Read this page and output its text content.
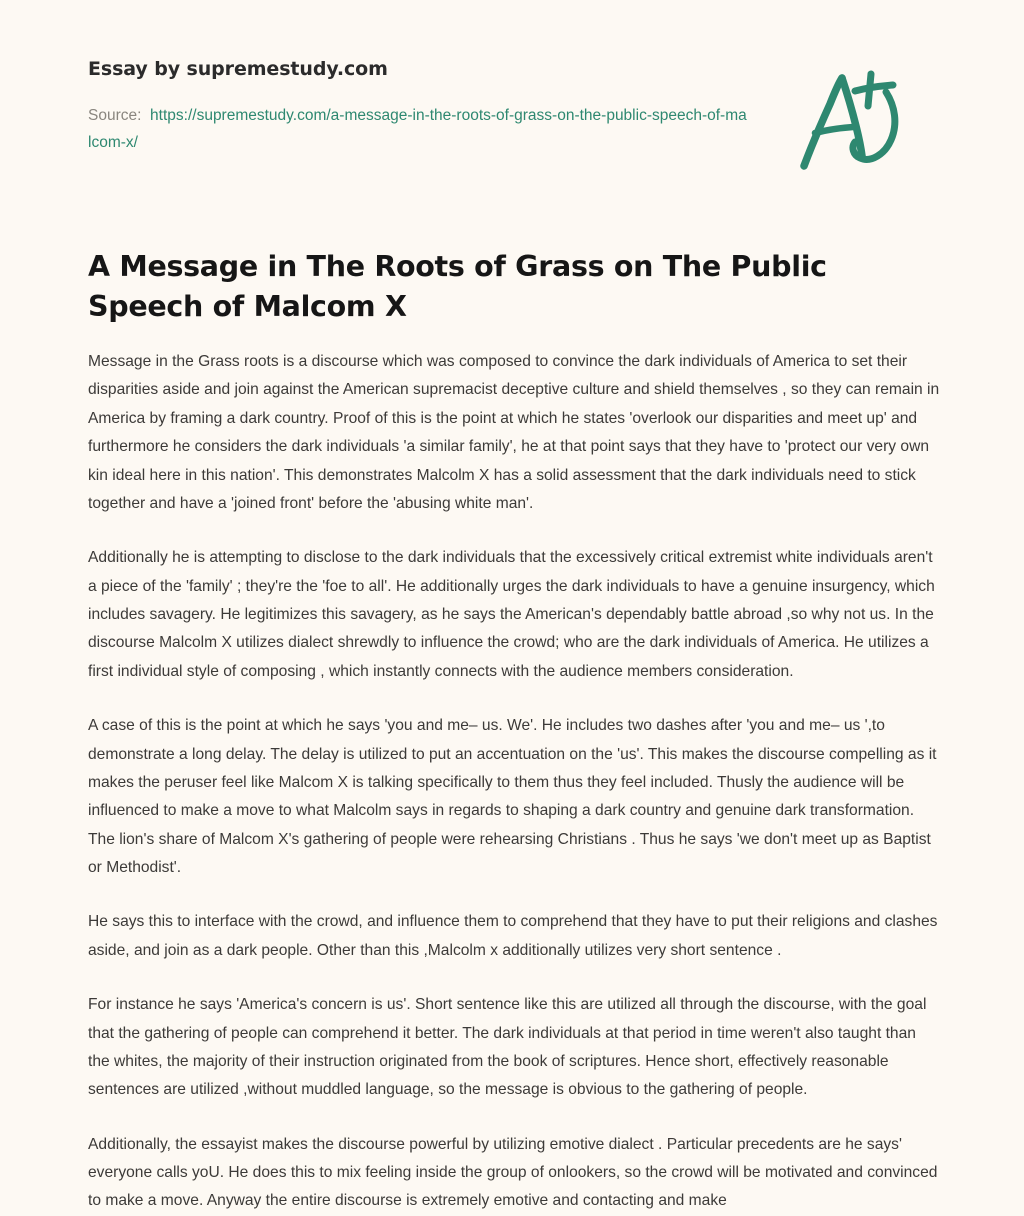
Essay by supremestudy.com
Source: https://supremestudy.com/a-message-in-the-roots-of-grass-on-the-public-speech-of-malcom-x/
A Message in The Roots of Grass on The Public Speech of Malcom X

Message in the Grass roots is a discourse which was composed to convince the dark individuals of America to set their disparities aside and join against the American supremacist deceptive culture and shield themselves , so they can remain in America by framing a dark country. Proof of this is the point at which he states 'overlook our disparities and meet up' and furthermore he considers the dark individuals 'a similar family', he at that point says that they have to 'protect our very own kin ideal here in this nation'. This demonstrates Malcolm X has a solid assessment that the dark individuals need to stick together and have a 'joined front' before the 'abusing white man'.

Additionally he is attempting to disclose to the dark individuals that the excessively critical extremist white individuals aren't a piece of the 'family' ; they're the 'foe to all'. He additionally urges the dark individuals to have a genuine insurgency, which includes savagery. He legitimizes this savagery, as he says the American's dependably battle abroad ,so why not us. In the discourse Malcolm X utilizes dialect shrewdly to influence the crowd; who are the dark individuals of America. He utilizes a first individual style of composing , which instantly connects with the audience members consideration.

A case of this is the point at which he says 'you and me– us. We'. He includes two dashes after 'you and me– us ',to demonstrate a long delay. The delay is utilized to put an accentuation on the 'us'. This makes the discourse compelling as it makes the peruser feel like Malcom X is talking specifically to them thus they feel included. Thusly the audience will be influenced to make a move to what Malcolm says in regards to shaping a dark country and genuine dark transformation. The lion's share of Malcom X's gathering of people were rehearsing Christians . Thus he says 'we don't meet up as Baptist or Methodist'.

He says this to interface with the crowd, and influence them to comprehend that they have to put their religions and clashes aside, and join as a dark people. Other than this ,Malcolm x additionally utilizes very short sentence .

For instance he says 'America's concern is us'. Short sentence like this are utilized all through the discourse, with the goal that the gathering of people can comprehend it better. The dark individuals at that period in time weren't also taught than the whites, the majority of their instruction originated from the book of scriptures. Hence short, effectively reasonable sentences are utilized ,without muddled language, so the message is obvious to the gathering of people.

Additionally, the essayist makes the discourse powerful by utilizing emotive dialect . Particular precedents are he says' everyone calls yoU. He does this to mix feeling inside the group of onlookers, so the crowd will be motivated and convinced to make a move. Anyway the entire discourse is extremely emotive and contacting and make
